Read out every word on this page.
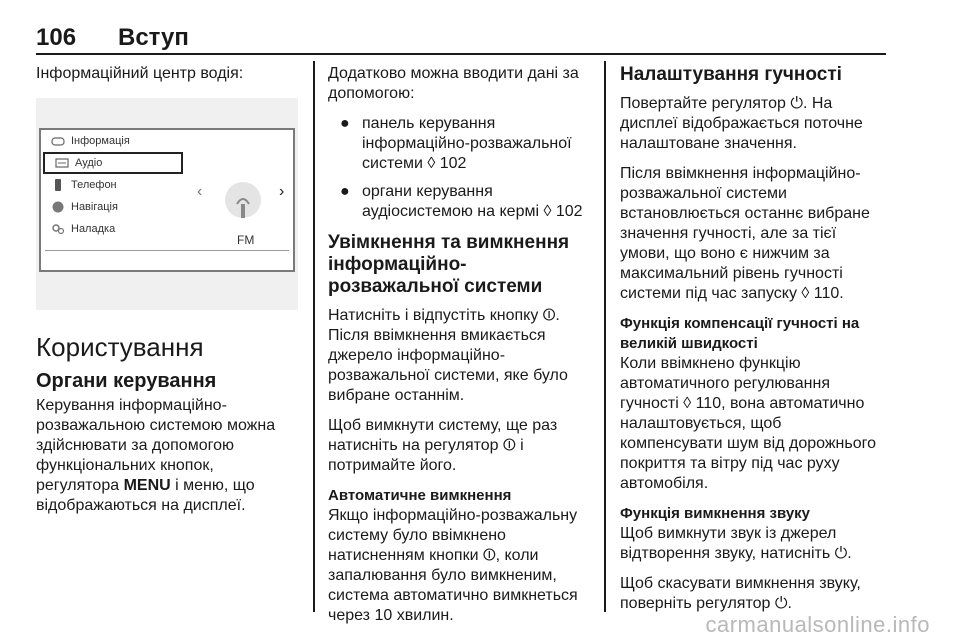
106 Вступ

Інформаційний центр водія:

Інформація
Аудіо
Телефон
Навігація
Наладка
‹	›
FM
Користування
Органи керування

Керування інформаційно-розважальною системою можна здійснювати за допомогою функціональних кнопок, регулятора MENU і меню, що відображаються на дисплеї.

Додатково можна вводити дані за допомогою:

● панель керування інформаційно-розважальної системи ◊ 102
● органи керування аудіосистемою на кермі ◊ 102
Увімкнення та вимкнення інформаційно-розважальної системи

Натисніть і відпустіть кнопку ⏼. Після ввімкнення вмикається джерело інформаційно-розважальної системи, яке було вибране останнім.

Щоб вимкнути систему, ще раз натисніть на регулятор ⏼ і потримайте його.

Автоматичне вимкнення

Якщо інформаційно-розважальну систему було ввімкнено натисненням кнопки ⏼, коли запалювання було вимкненим, система автоматично вимкнеться через 10 хвилин.

Налаштування гучності

Повертайте регулятор ⏻. На дисплеї відображається поточне налаштоване значення.

Після ввімкнення інформаційно-розважальної системи встановлюється останнє вибране значення гучності, але за тієї умови, що воно є нижчим за максимальний рівень гучності системи під час запуску ◊ 110.

Функція компенсації гучності на великій швидкості

Коли ввімкнено функцію автоматичного регулювання гучності ◊ 110, вона автоматично налаштовується, щоб компенсувати шум від дорожнього покриття та вітру під час руху автомобіля.

Функція вимкнення звуку

Щоб вимкнути звук із джерел відтворення звуку, натисніть ⏻.

Щоб скасувати вимкнення звуку, поверніть регулятор ⏻.

carmanualsonline.info
